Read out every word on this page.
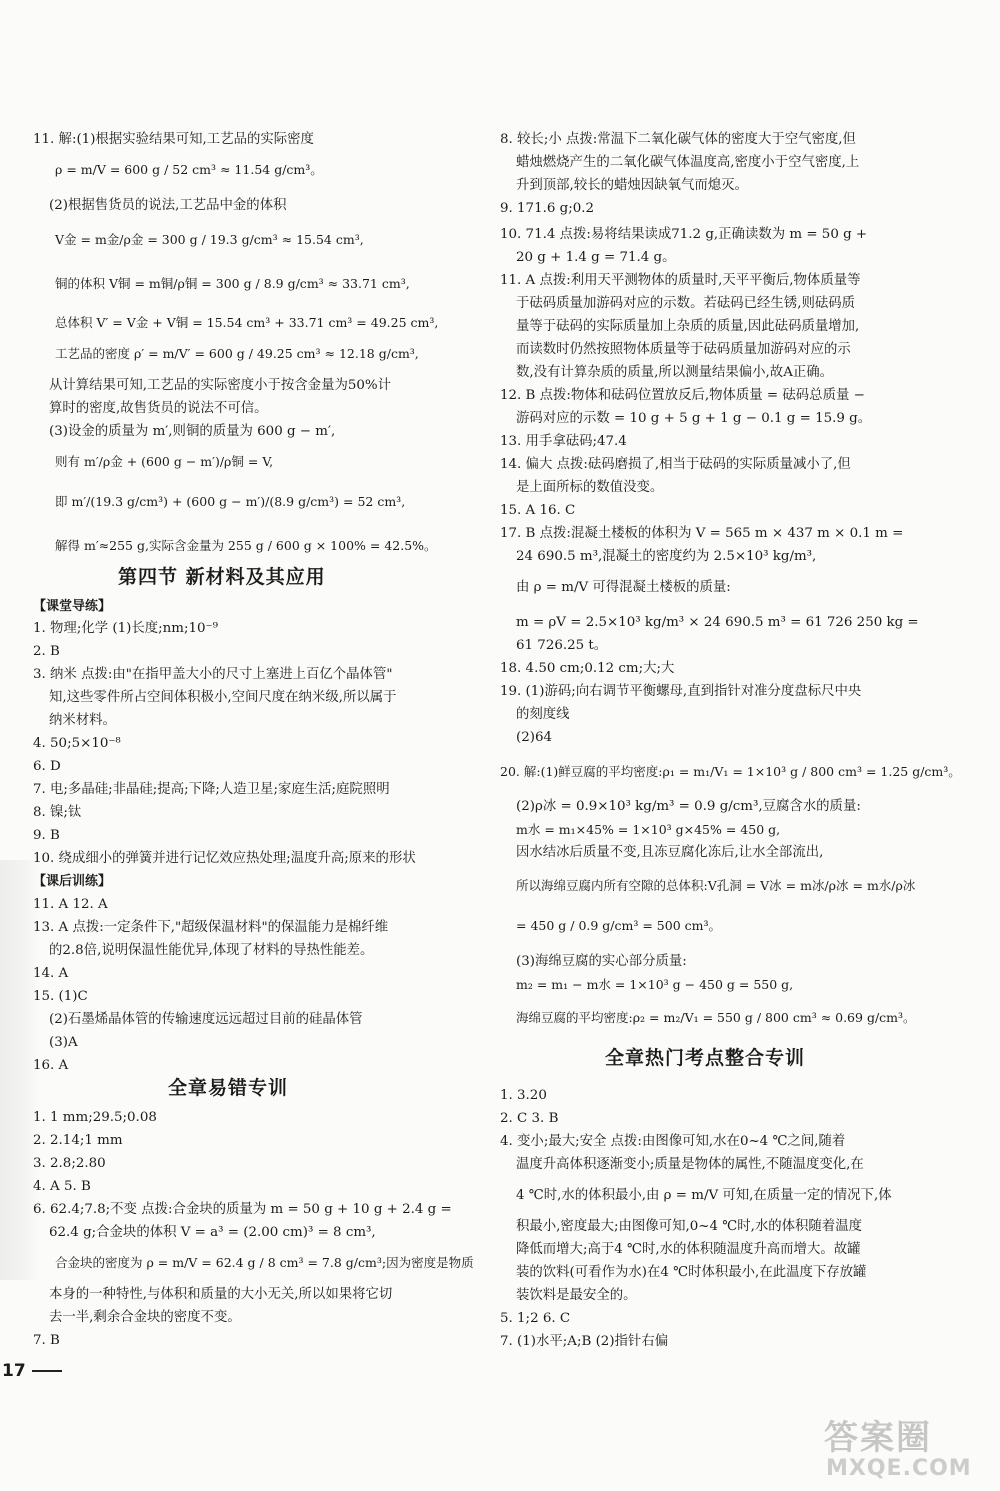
11. 解:(1)根据实验结果可知,工艺品的实际密度
ρ = m/V = 600 g / 52 cm³ ≈ 11.54 g/cm³。
(2)根据售货员的说法,工艺品中金的体积
V金 = m金/ρ金 = 300 g / 19.3 g/cm³ ≈ 15.54 cm³,
铜的体积 V铜 = m铜/ρ铜 = 300 g / 8.9 g/cm³ ≈ 33.71 cm³,
总体积 V′ = V金 + V铜 = 15.54 cm³ + 33.71 cm³ = 49.25 cm³,
工艺品的密度 ρ′ = m/V′ = 600 g / 49.25 cm³ ≈ 12.18 g/cm³,
从计算结果可知,工艺品的实际密度小于按含金量为50%计
算时的密度,故售货员的说法不可信。
(3)设金的质量为 m′,则铜的质量为 600 g − m′,
则有 m′/ρ金 + (600 g − m′)/ρ铜 = V,
即 m′/(19.3 g/cm³) + (600 g − m′)/(8.9 g/cm³) = 52 cm³,
解得 m′≈255 g,实际含金量为 255 g / 600 g × 100% = 42.5%。
第四节 新材料及其应用
【课堂导练】
1. 物理;化学 (1)长度;nm;10⁻⁹
2. B
3. 纳米 点拨:由"在指甲盖大小的尺寸上塞进上百亿个晶体管"
知,这些零件所占空间体积极小,空间尺度在纳米级,所以属于
纳米材料。
4. 50;5×10⁻⁸
6. D
7. 电;多晶硅;非晶硅;提高;下降;人造卫星;家庭生活;庭院照明
8. 镍;钛
9. B
10. 绕成细小的弹簧并进行记忆效应热处理;温度升高;原来的形状
【课后训练】
11. A 12. A
13. A 点拨:一定条件下,"超级保温材料"的保温能力是棉纤维
的2.8倍,说明保温性能优异,体现了材料的导热性能差。
14. A
15. (1)C
(2)石墨烯晶体管的传输速度远远超过目前的硅晶体管
(3)A
16. A
全章易错专训
1. 1 mm;29.5;0.08
2. 2.14;1 mm
3. 2.8;2.80
4. A 5. B
6. 62.4;7.8;不变 点拨:合金块的质量为 m = 50 g + 10 g + 2.4 g =
62.4 g;合金块的体积 V = a³ = (2.00 cm)³ = 8 cm³,
合金块的密度为 ρ = m/V = 62.4 g / 8 cm³ = 7.8 g/cm³;因为密度是物质
本身的一种特性,与体积和质量的大小无关,所以如果将它切
去一半,剩余合金块的密度不变。
7. B
8. 较长;小 点拨:常温下二氧化碳气体的密度大于空气密度,但
蜡烛燃烧产生的二氧化碳气体温度高,密度小于空气密度,上
升到顶部,较长的蜡烛因缺氧气而熄灭。
9. 171.6 g;0.2
10. 71.4 点拨:易将结果读成71.2 g,正确读数为 m = 50 g +
20 g + 1.4 g = 71.4 g。
11. A 点拨:利用天平测物体的质量时,天平平衡后,物体质量等
于砝码质量加游码对应的示数。若砝码已经生锈,则砝码质
量等于砝码的实际质量加上杂质的质量,因此砝码质量增加,
而读数时仍然按照物体质量等于砝码质量加游码对应的示
数,没有计算杂质的质量,所以测量结果偏小,故A正确。
12. B 点拨:物体和砝码位置放反后,物体质量 = 砝码总质量 −
游码对应的示数 = 10 g + 5 g + 1 g − 0.1 g = 15.9 g。
13. 用手拿砝码;47.4
14. 偏大 点拨:砝码磨损了,相当于砝码的实际质量减小了,但
是上面所标的数值没变。
15. A 16. C
17. B 点拨:混凝土楼板的体积为 V = 565 m × 437 m × 0.1 m =
24 690.5 m³,混凝土的密度约为 2.5×10³ kg/m³,
由 ρ = m/V 可得混凝土楼板的质量:
m = ρV = 2.5×10³ kg/m³ × 24 690.5 m³ = 61 726 250 kg =
61 726.25 t。
18. 4.50 cm;0.12 cm;大;大
19. (1)游码;向右调节平衡螺母,直到指针对准分度盘标尺中央
的刻度线
(2)64
20. 解:(1)鲜豆腐的平均密度:ρ₁ = m₁/V₁ = 1×10³ g / 800 cm³ = 1.25 g/cm³。
(2)ρ冰 = 0.9×10³ kg/m³ = 0.9 g/cm³,豆腐含水的质量:
m水 = m₁×45% = 1×10³ g×45% = 450 g,
因水结冰后质量不变,且冻豆腐化冻后,让水全部流出,
所以海绵豆腐内所有空隙的总体积:V孔洞 = V冰 = m冰/ρ冰 = m水/ρ冰
= 450 g / 0.9 g/cm³ = 500 cm³。
(3)海绵豆腐的实心部分质量:
m₂ = m₁ − m水 = 1×10³ g − 450 g = 550 g,
海绵豆腐的平均密度:ρ₂ = m₂/V₁ = 550 g / 800 cm³ ≈ 0.69 g/cm³。
全章热门考点整合专训
1. 3.20
2. C 3. B
4. 变小;最大;安全 点拨:由图像可知,水在0~4 ℃之间,随着
温度升高体积逐渐变小;质量是物体的属性,不随温度变化,在
4 ℃时,水的体积最小,由 ρ = m/V 可知,在质量一定的情况下,体
积最小,密度最大;由图像可知,0~4 ℃时,水的体积随着温度
降低而增大;高于4 ℃时,水的体积随温度升高而增大。故罐
装的饮料(可看作为水)在4 ℃时体积最小,在此温度下存放罐
装饮料是最安全的。
5. 1;2 6. C
7. (1)水平;A;B (2)指针右偏
17
答案圈
MXQE.COM
